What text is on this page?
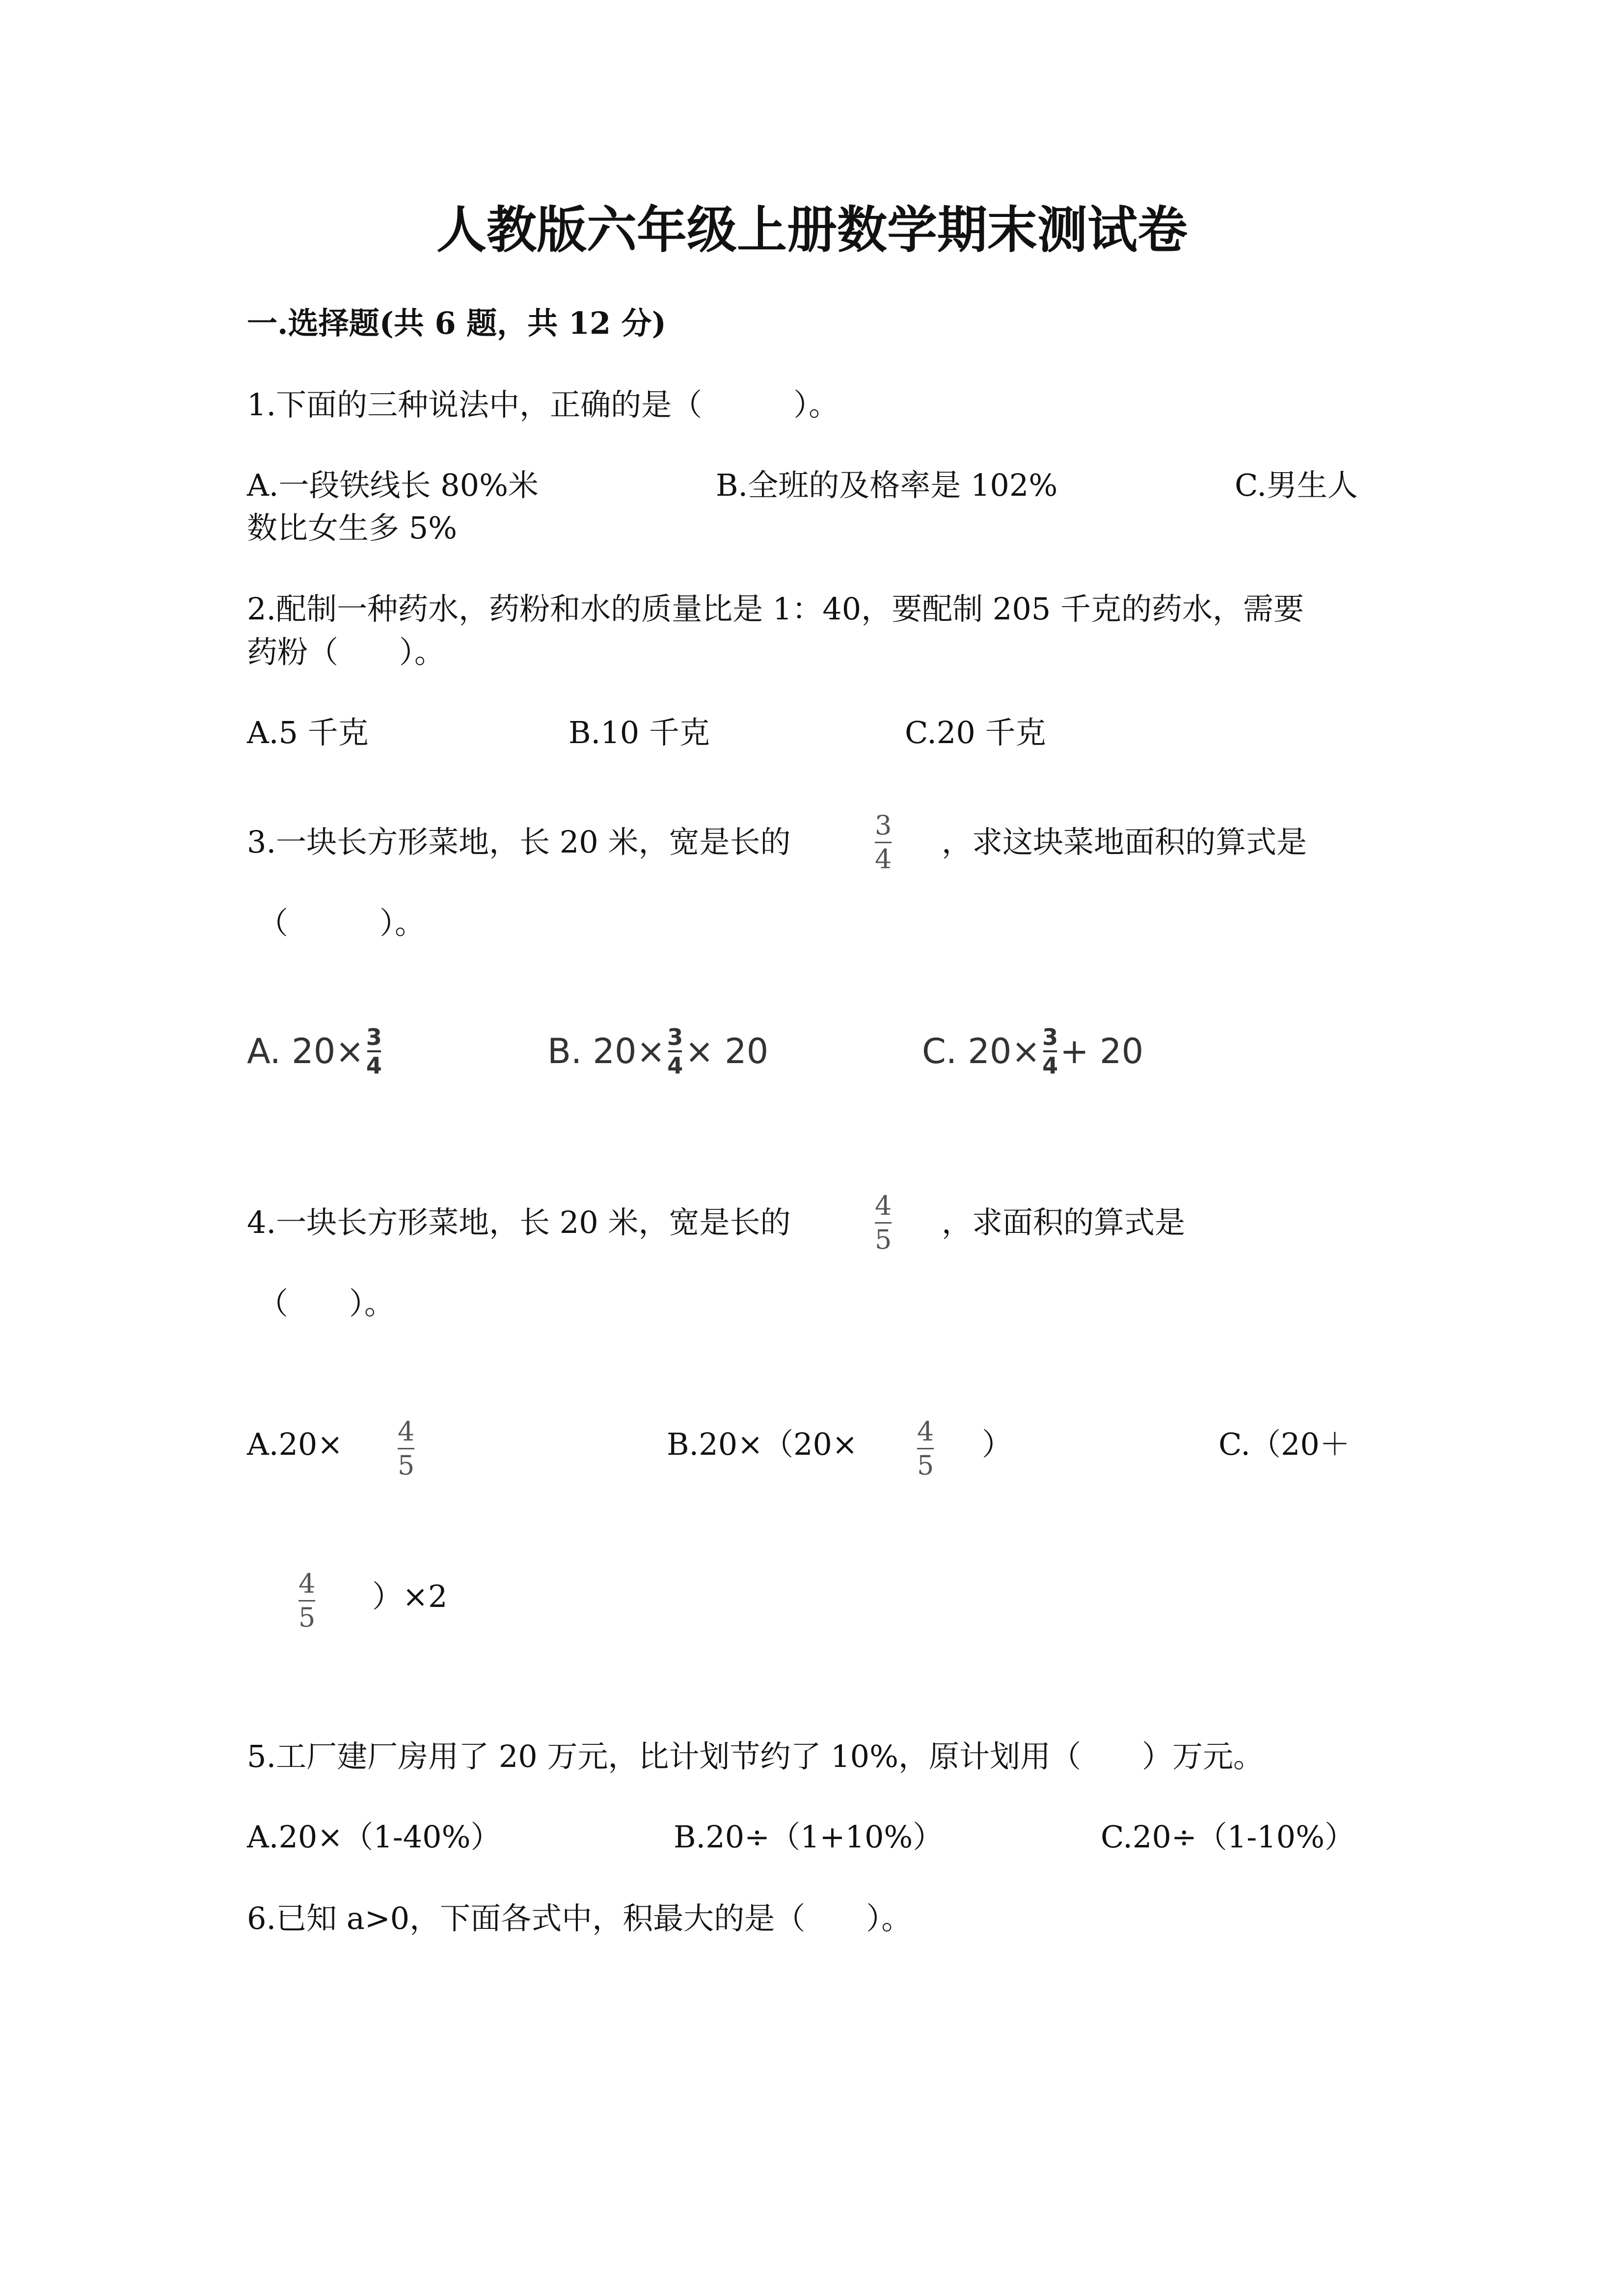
人教版六年级上册数学期末测试卷
一.选择题(共 6 题，共 12 分)
1.下面的三种说法中，正确的是（　　　）。
A.一段铁线长 80%米	B.全班的及格率是 102%	C.男生人
数比女生多 5%
2.配制一种药水，药粉和水的质量比是 1：40，要配制 205 千克的药水，需要
药粉（　　）。
A.5 千克	B.10 千克	C.20 千克
3.一块长方形菜地，长 20 米，宽是长的	3
4 ，求这块菜地面积的算式是
（　　　）。
A. 20× 3
4	B. 20× 3
4 × 20	C. 20× 3
4 + 20
4.一块长方形菜地，长 20 米，宽是长的	4
5 ，求面积的算式是
（　　）。
A.20× 4
5
B.20×（20× 4
5
）	C.（20＋
4
5
）×2
5.工厂建厂房用了 20 万元，比计划节约了 10%，原计划用（　　）万元。
A.20×（1-40%）	B.20÷（1+10%）	C.20÷（1-10%）
6.已知 a>0，下面各式中，积最大的是（　　）。
